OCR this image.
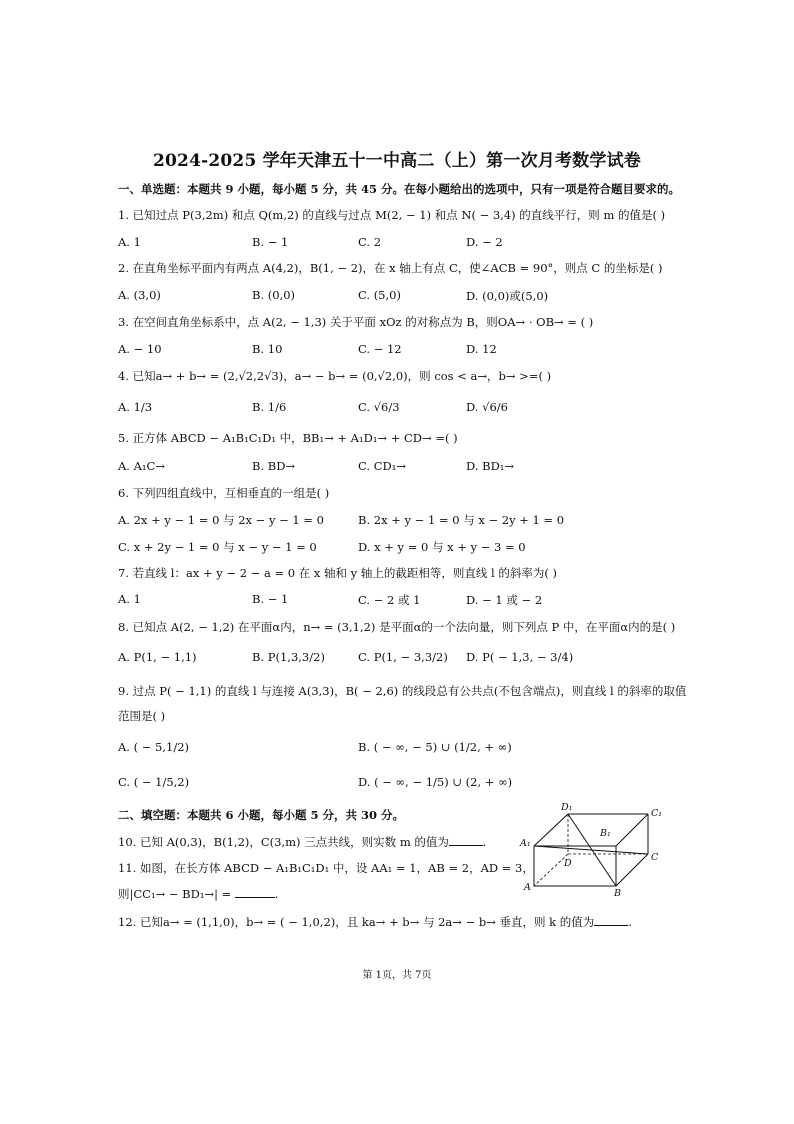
2024-2025 学年天津五十一中高二（上）第一次月考数学试卷
一、单选题：本题共 9 小题，每小题 5 分，共 45 分。在每小题给出的选项中，只有一项是符合题目要求的。
1. 已知过点 P(3,2m) 和点 Q(m,2) 的直线与过点 M(2, − 1) 和点 N( − 3,4) 的直线平行，则 m 的值是( )
A. 1	B. − 1	C. 2	D. − 2
2. 在直角坐标平面内有两点 A(4,2)，B(1, − 2)，在 x 轴上有点 C，使∠ACB = 90°，则点 C 的坐标是( )
A. (3,0)	B. (0,0)	C. (5,0)	D. (0,0)或(5,0)
3. 在空间直角坐标系中，点 A(2, − 1,3) 关于平面 xOz 的对称点为 B，则OA→ · OB→ = ( )
A. − 10	B. 10	C. − 12	D. 12
4. 已知a→ + b→ = (2,√2,2√3)，a→ − b→ = (0,√2,0)，则 cos < a→，b→ >=( )
A. 1/3	B. 1/6	C. √6/3	D. √6/6
5. 正方体 ABCD − A₁B₁C₁D₁ 中，BB₁→ + A₁D₁→ + CD→ =( )
A. A₁C→	B. BD→	C. CD₁→	D. BD₁→
6. 下列四组直线中，互相垂直的一组是( )
A. 2x + y − 1 = 0 与 2x − y − 1 = 0	B. 2x + y − 1 = 0 与 x − 2y + 1 = 0
C. x + 2y − 1 = 0 与 x − y − 1 = 0	D. x + y = 0 与 x + y − 3 = 0
7. 若直线 l：ax + y − 2 − a = 0 在 x 轴和 y 轴上的截距相等，则直线 l 的斜率为( )
A. 1	B. − 1	C. − 2 或 1	D. − 1 或 − 2
8. 已知点 A(2, − 1,2) 在平面α内，n→ = (3,1,2) 是平面α的一个法向量，则下列点 P 中，在平面α内的是( )
A. P(1, − 1,1)	B. P(1,3,3/2)	C. P(1, − 3,3/2) D. P( − 1,3, − 3/4)
9. 过点 P( − 1,1) 的直线 l 与连接 A(3,3)，B( − 2,6) 的线段总有公共点(不包含端点)，则直线 l 的斜率的取值
范围是( )
A. ( − 5,1/2)	B. ( − ∞, − 5) ∪ (1/2, + ∞)
C. ( − 1/5,2)	D. ( − ∞, − 1/5) ∪ (2, + ∞)
二、填空题：本题共 6 小题，每小题 5 分，共 30 分。
10. 已知 A(0,3)，B(1,2)，C(3,m) 三点共线，则实数 m 的值为	.
11. 如图，在长方体 ABCD − A₁B₁C₁D₁ 中，设 AA₁ = 1，AB = 2，AD = 3，
则|CC₁→ − BD₁→| =	.
12. 已知a→ = (1,1,0)，b→ = ( − 1,0,2)，且 ka→ + b→ 与 2a→ − b→ 垂直，则 k 的值为	.
D₁
C₁
B₁
A₁
C
D
A
B
第 1页，共 7页
